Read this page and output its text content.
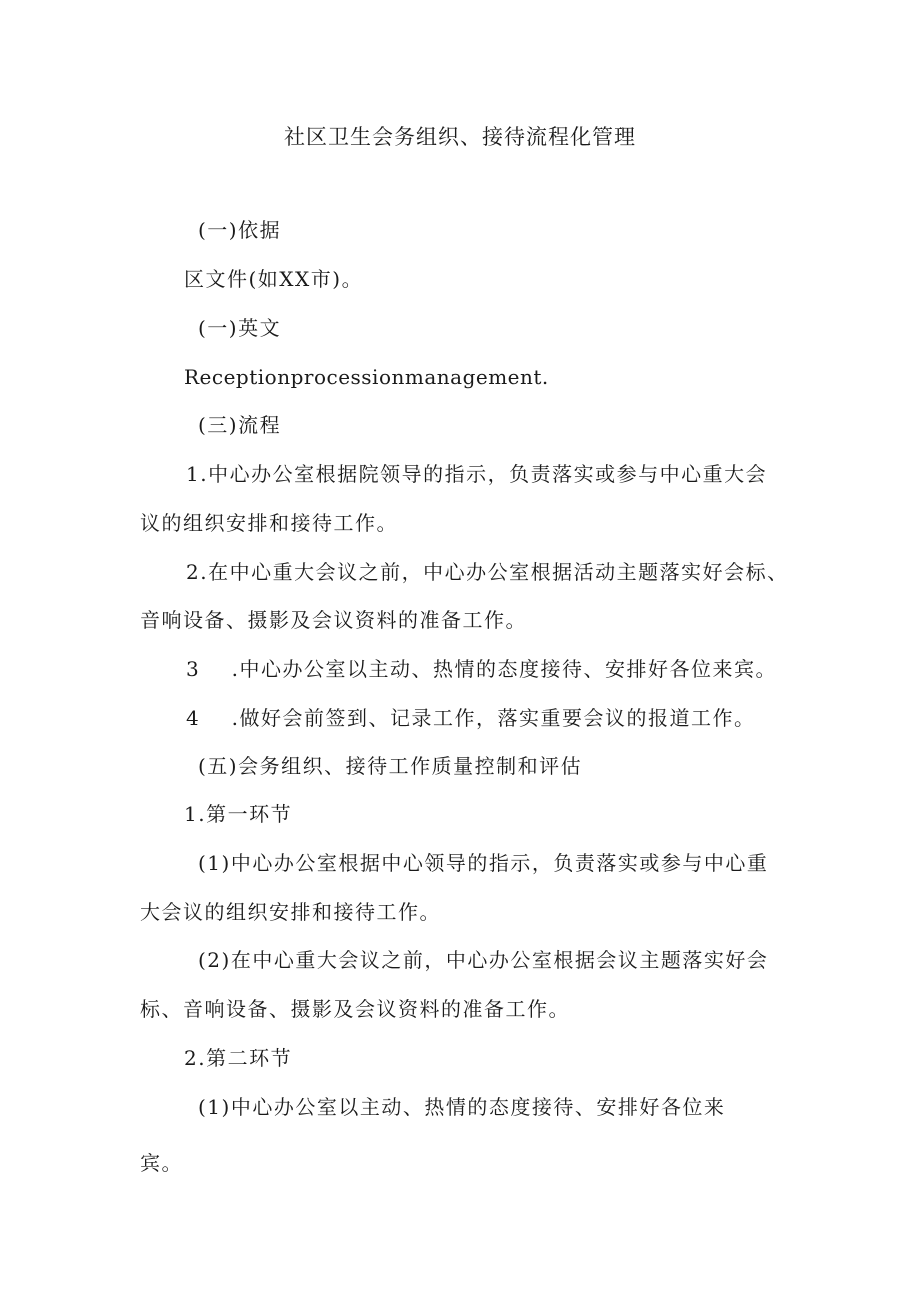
社区卫生会务组织、接待流程化管理
(一)依据
区文件(如XX市)。
(一)英文
Receptionprocessionmanagement.
(三)流程
1.中心办公室根据院领导的指示，负责落实或参与中心重大会
议的组织安排和接待工作。
2.在中心重大会议之前，中心办公室根据活动主题落实好会标、
音响设备、摄影及会议资料的准备工作。
3    .中心办公室以主动、热情的态度接待、安排好各位来宾。
4    .做好会前签到、记录工作，落实重要会议的报道工作。
(五)会务组织、接待工作质量控制和评估
1.第一环节
(1)中心办公室根据中心领导的指示，负责落实或参与中心重
大会议的组织安排和接待工作。
(2)在中心重大会议之前，中心办公室根据会议主题落实好会
标、音响设备、摄影及会议资料的准备工作。
2.第二环节
(1)中心办公室以主动、热情的态度接待、安排好各位来
宾。
